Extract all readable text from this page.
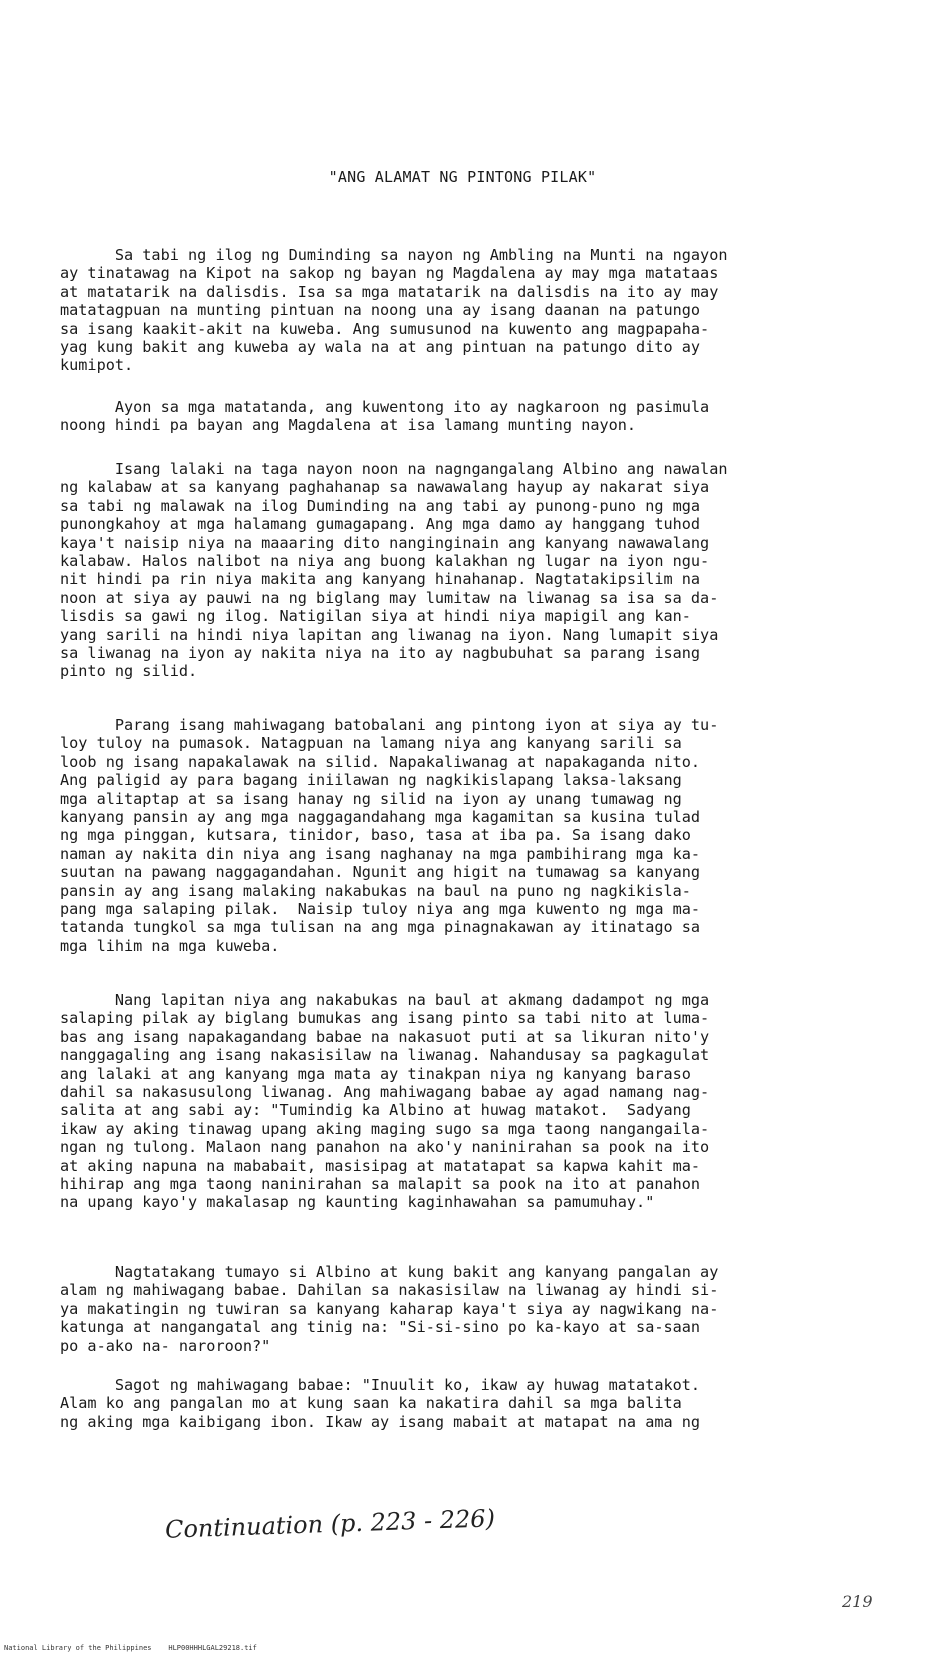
"ANG ALAMAT NG PINTONG PILAK"
Sa tabi ng ilog ng Duminding sa nayon ng Ambling na Munti na ngayon
ay tinatawag na Kipot na sakop ng bayan ng Magdalena ay may mga matataas
at matatarik na dalisdis. Isa sa mga matatarik na dalisdis na ito ay may
matatagpuan na munting pintuan na noong una ay isang daanan na patungo
sa isang kaakit-akit na kuweba. Ang sumusunod na kuwento ang magpapaha-
yag kung bakit ang kuweba ay wala na at ang pintuan na patungo dito ay
kumipot.
Ayon sa mga matatanda, ang kuwentong ito ay nagkaroon ng pasimula
noong hindi pa bayan ang Magdalena at isa lamang munting nayon.
Isang lalaki na taga nayon noon na nagngangalang Albino ang nawalan
ng kalabaw at sa kanyang paghahanap sa nawawalang hayup ay nakarat siya
sa tabi ng malawak na ilog Duminding na ang tabi ay punong-puno ng mga
punongkahoy at mga halamang gumagapang. Ang mga damo ay hanggang tuhod
kaya't naisip niya na maaaring dito nanginginain ang kanyang nawawalang
kalabaw. Halos nalibot na niya ang buong kalakhan ng lugar na iyon ngu-
nit hindi pa rin niya makita ang kanyang hinahanap. Nagtatakipsilim na
noon at siya ay pauwi na ng biglang may lumitaw na liwanag sa isa sa da-
lisdis sa gawi ng ilog. Natigilan siya at hindi niya mapigil ang kan-
yang sarili na hindi niya lapitan ang liwanag na iyon. Nang lumapit siya
sa liwanag na iyon ay nakita niya na ito ay nagbubuhat sa parang isang
pinto ng silid.
Parang isang mahiwagang batobalani ang pintong iyon at siya ay tu-
loy tuloy na pumasok. Natagpuan na lamang niya ang kanyang sarili sa
loob ng isang napakalawak na silid. Napakaliwanag at napakaganda nito.
Ang paligid ay para bagang iniilawan ng nagkikislapang laksa-laksang
mga alitaptap at sa isang hanay ng silid na iyon ay unang tumawag ng
kanyang pansin ay ang mga naggagandahang mga kagamitan sa kusina tulad
ng mga pinggan, kutsara, tinidor, baso, tasa at iba pa. Sa isang dako
naman ay nakita din niya ang isang naghanay na mga pambihirang mga ka-
suutan na pawang naggagandahan. Ngunit ang higit na tumawag sa kanyang
pansin ay ang isang malaking nakabukas na baul na puno ng nagkikisla-
pang mga salaping pilak.  Naisip tuloy niya ang mga kuwento ng mga ma-
tatanda tungkol sa mga tulisan na ang mga pinagnakawan ay itinatago sa
mga lihim na mga kuweba.
Nang lapitan niya ang nakabukas na baul at akmang dadampot ng mga
salaping pilak ay biglang bumukas ang isang pinto sa tabi nito at luma-
bas ang isang napakagandang babae na nakasuot puti at sa likuran nito'y
nanggagaling ang isang nakasisilaw na liwanag. Nahandusay sa pagkagulat
ang lalaki at ang kanyang mga mata ay tinakpan niya ng kanyang baraso
dahil sa nakasusulong liwanag. Ang mahiwagang babae ay agad namang nag-
salita at ang sabi ay: "Tumindig ka Albino at huwag matakot.  Sadyang
ikaw ay aking tinawag upang aking maging sugo sa mga taong nangangaila-
ngan ng tulong. Malaon nang panahon na ako'y naninirahan sa pook na ito
at aking napuna na mababait, masisipag at matatapat sa kapwa kahit ma-
hihirap ang mga taong naninirahan sa malapit sa pook na ito at panahon
na upang kayo'y makalasap ng kaunting kaginhawahan sa pamumuhay."
Nagtatakang tumayo si Albino at kung bakit ang kanyang pangalan ay
alam ng mahiwagang babae. Dahilan sa nakasisilaw na liwanag ay hindi si-
ya makatingin ng tuwiran sa kanyang kaharap kaya't siya ay nagwikang na-
katunga at nangangatal ang tinig na: "Si-si-sino po ka-kayo at sa-saan
po a-ako na- naroroon?"
Sagot ng mahiwagang babae: "Inuulit ko, ikaw ay huwag matatakot.
Alam ko ang pangalan mo at kung saan ka nakatira dahil sa mga balita
ng aking mga kaibigang ibon. Ikaw ay isang mabait at matapat na ama ng
Continuation (p. 223 - 226)
219
National Library of the Philippines    HLP00HHHLGAL29218.tif
